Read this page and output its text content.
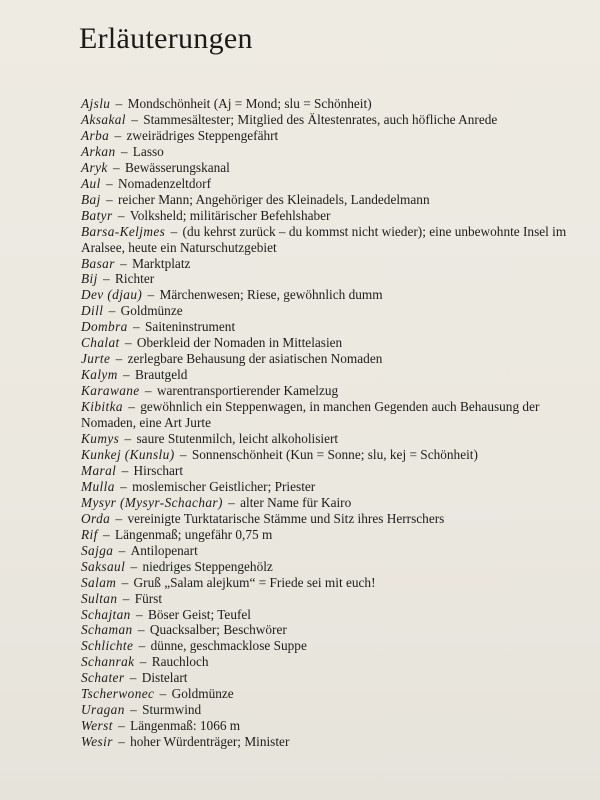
Erläuterungen
Ajslu – Mondschönheit (Aj = Mond; slu = Schönheit)
Aksakal – Stammesältester; Mitglied des Ältestenrates, auch höfliche Anrede
Arba – zweirädriges Steppengefährt
Arkan – Lasso
Aryk – Bewässerungskanal
Aul – Nomadenzeltdorf
Baj – reicher Mann; Angehöriger des Kleinadels, Landedelmann
Batyr – Volksheld; militärischer Befehlshaber
Barsa-Keljmes – (du kehrst zurück – du kommst nicht wieder); eine unbewohnte Insel im Aralsee, heute ein Naturschutzgebiet
Basar – Marktplatz
Bij – Richter
Dev (djau) – Märchenwesen; Riese, gewöhnlich dumm
Dill – Goldmünze
Dombra – Saiteninstrument
Chalat – Oberkleid der Nomaden in Mittelasien
Jurte – zerlegbare Behausung der asiatischen Nomaden
Kalym – Brautgeld
Karawane – warentransportierender Kamelzug
Kibitka – gewöhnlich ein Steppenwagen, in manchen Gegenden auch Behausung der Nomaden, eine Art Jurte
Kumys – saure Stutenmilch, leicht alkoholisiert
Kunkej (Kunslu) – Sonnenschönheit (Kun = Sonne; slu, kej = Schönheit)
Maral – Hirschart
Mulla – moslemischer Geistlicher; Priester
Mysyr (Mysyr-Schachar) – alter Name für Kairo
Orda – vereinigte Turktatarische Stämme und Sitz ihres Herrschers
Rif – Längenmaß; ungefähr 0,75 m
Sajga – Antilopenart
Saksaul – niedriges Steppengehölz
Salam – Gruß „Salam alejkum“ = Friede sei mit euch!
Sultan – Fürst
Schajtan – Böser Geist; Teufel
Schaman – Quacksalber; Beschwörer
Schlichte – dünne, geschmacklose Suppe
Schanrak – Rauchloch
Schater – Distelart
Tscherwonec – Goldmünze
Uragan – Sturmwind
Werst – Längenmaß: 1066 m
Wesir – hoher Würdenträger; Minister
